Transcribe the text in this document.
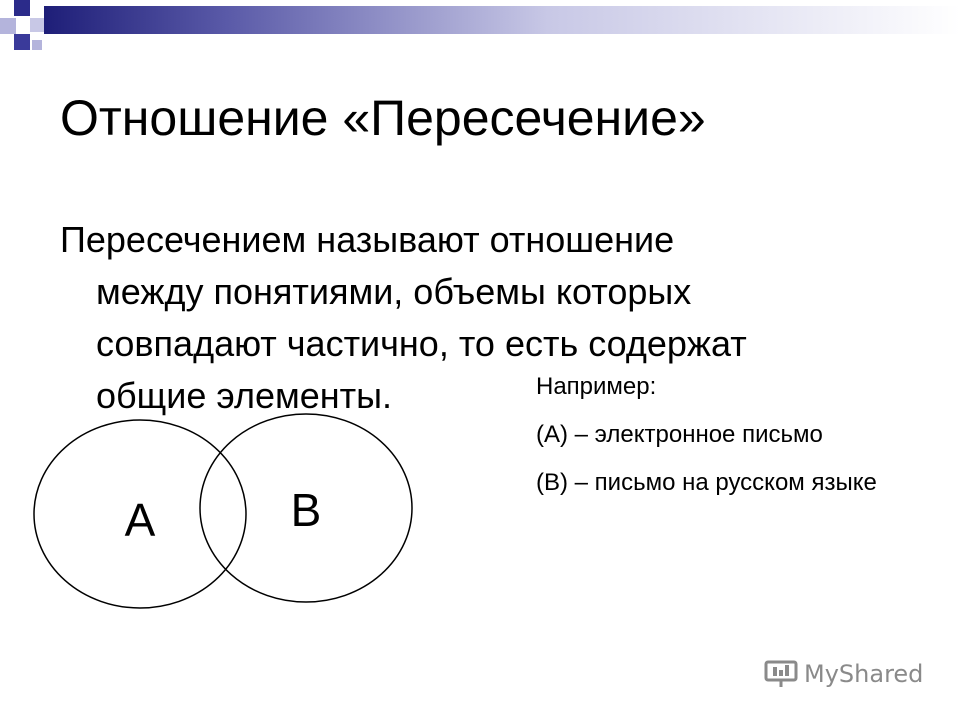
Отношение «Пересечение»
Пересечением называют отношение
между понятиями, объемы которых
совпадают частично, то есть содержат
общие элементы.	Например:

(А) – электронное письмо

(В) – письмо на русском языке

А	В
MyShared
